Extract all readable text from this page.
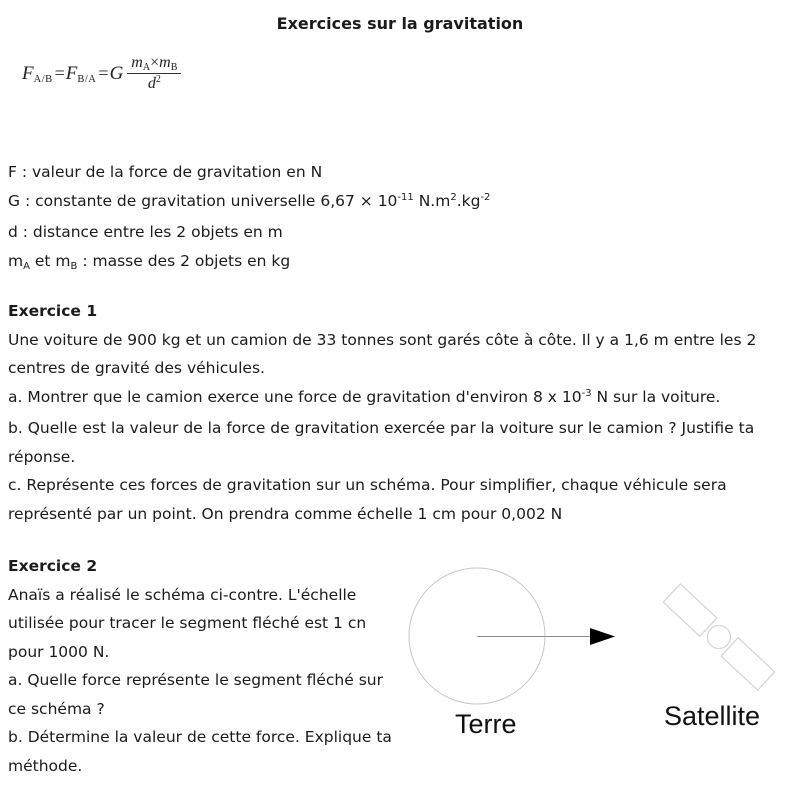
Exercices sur la gravitation
F A/B = F B/A = G $\frac{mA\times mB}{d^2}$
F : valeur de la force de gravitation en N
G : constante de gravitation universelle $6,67 \times 10^{-11}$ $N.m^2.kg^{-2}$
d : distance entre les 2 objets en m
mA et mB : masse des 2 objets en kg
Exercice 1
Une voiture de 900 kg et un camion de 33 tonnes sont garés côte à côte. Il y a 1,6 m entre les 2
centres de gravité des véhicules.
a. Montrer que le camion exerce une force de gravitation d'environ 8 x $10^{-3}$ N sur la voiture.
b. Quelle est la valeur de la force de gravitation exercée par la voiture sur le camion ? Justifie ta
réponse.
c. Représente ces forces de gravitation sur un schéma. Pour simplifier, chaque véhicule sera
représenté par un point. On prendra comme échelle 1 cm pour 0,002 N
Exercice 2
Anaïs a réalisé le schéma ci-contre. L'échelle
utilisée pour tracer le segment fléché est 1 cn
pour 1000 N.
a. Quelle force représente le segment fléché sur
ce schéma ?
b. Détermine la valeur de cette force. Explique ta
méthode.
Terre	Satellite
